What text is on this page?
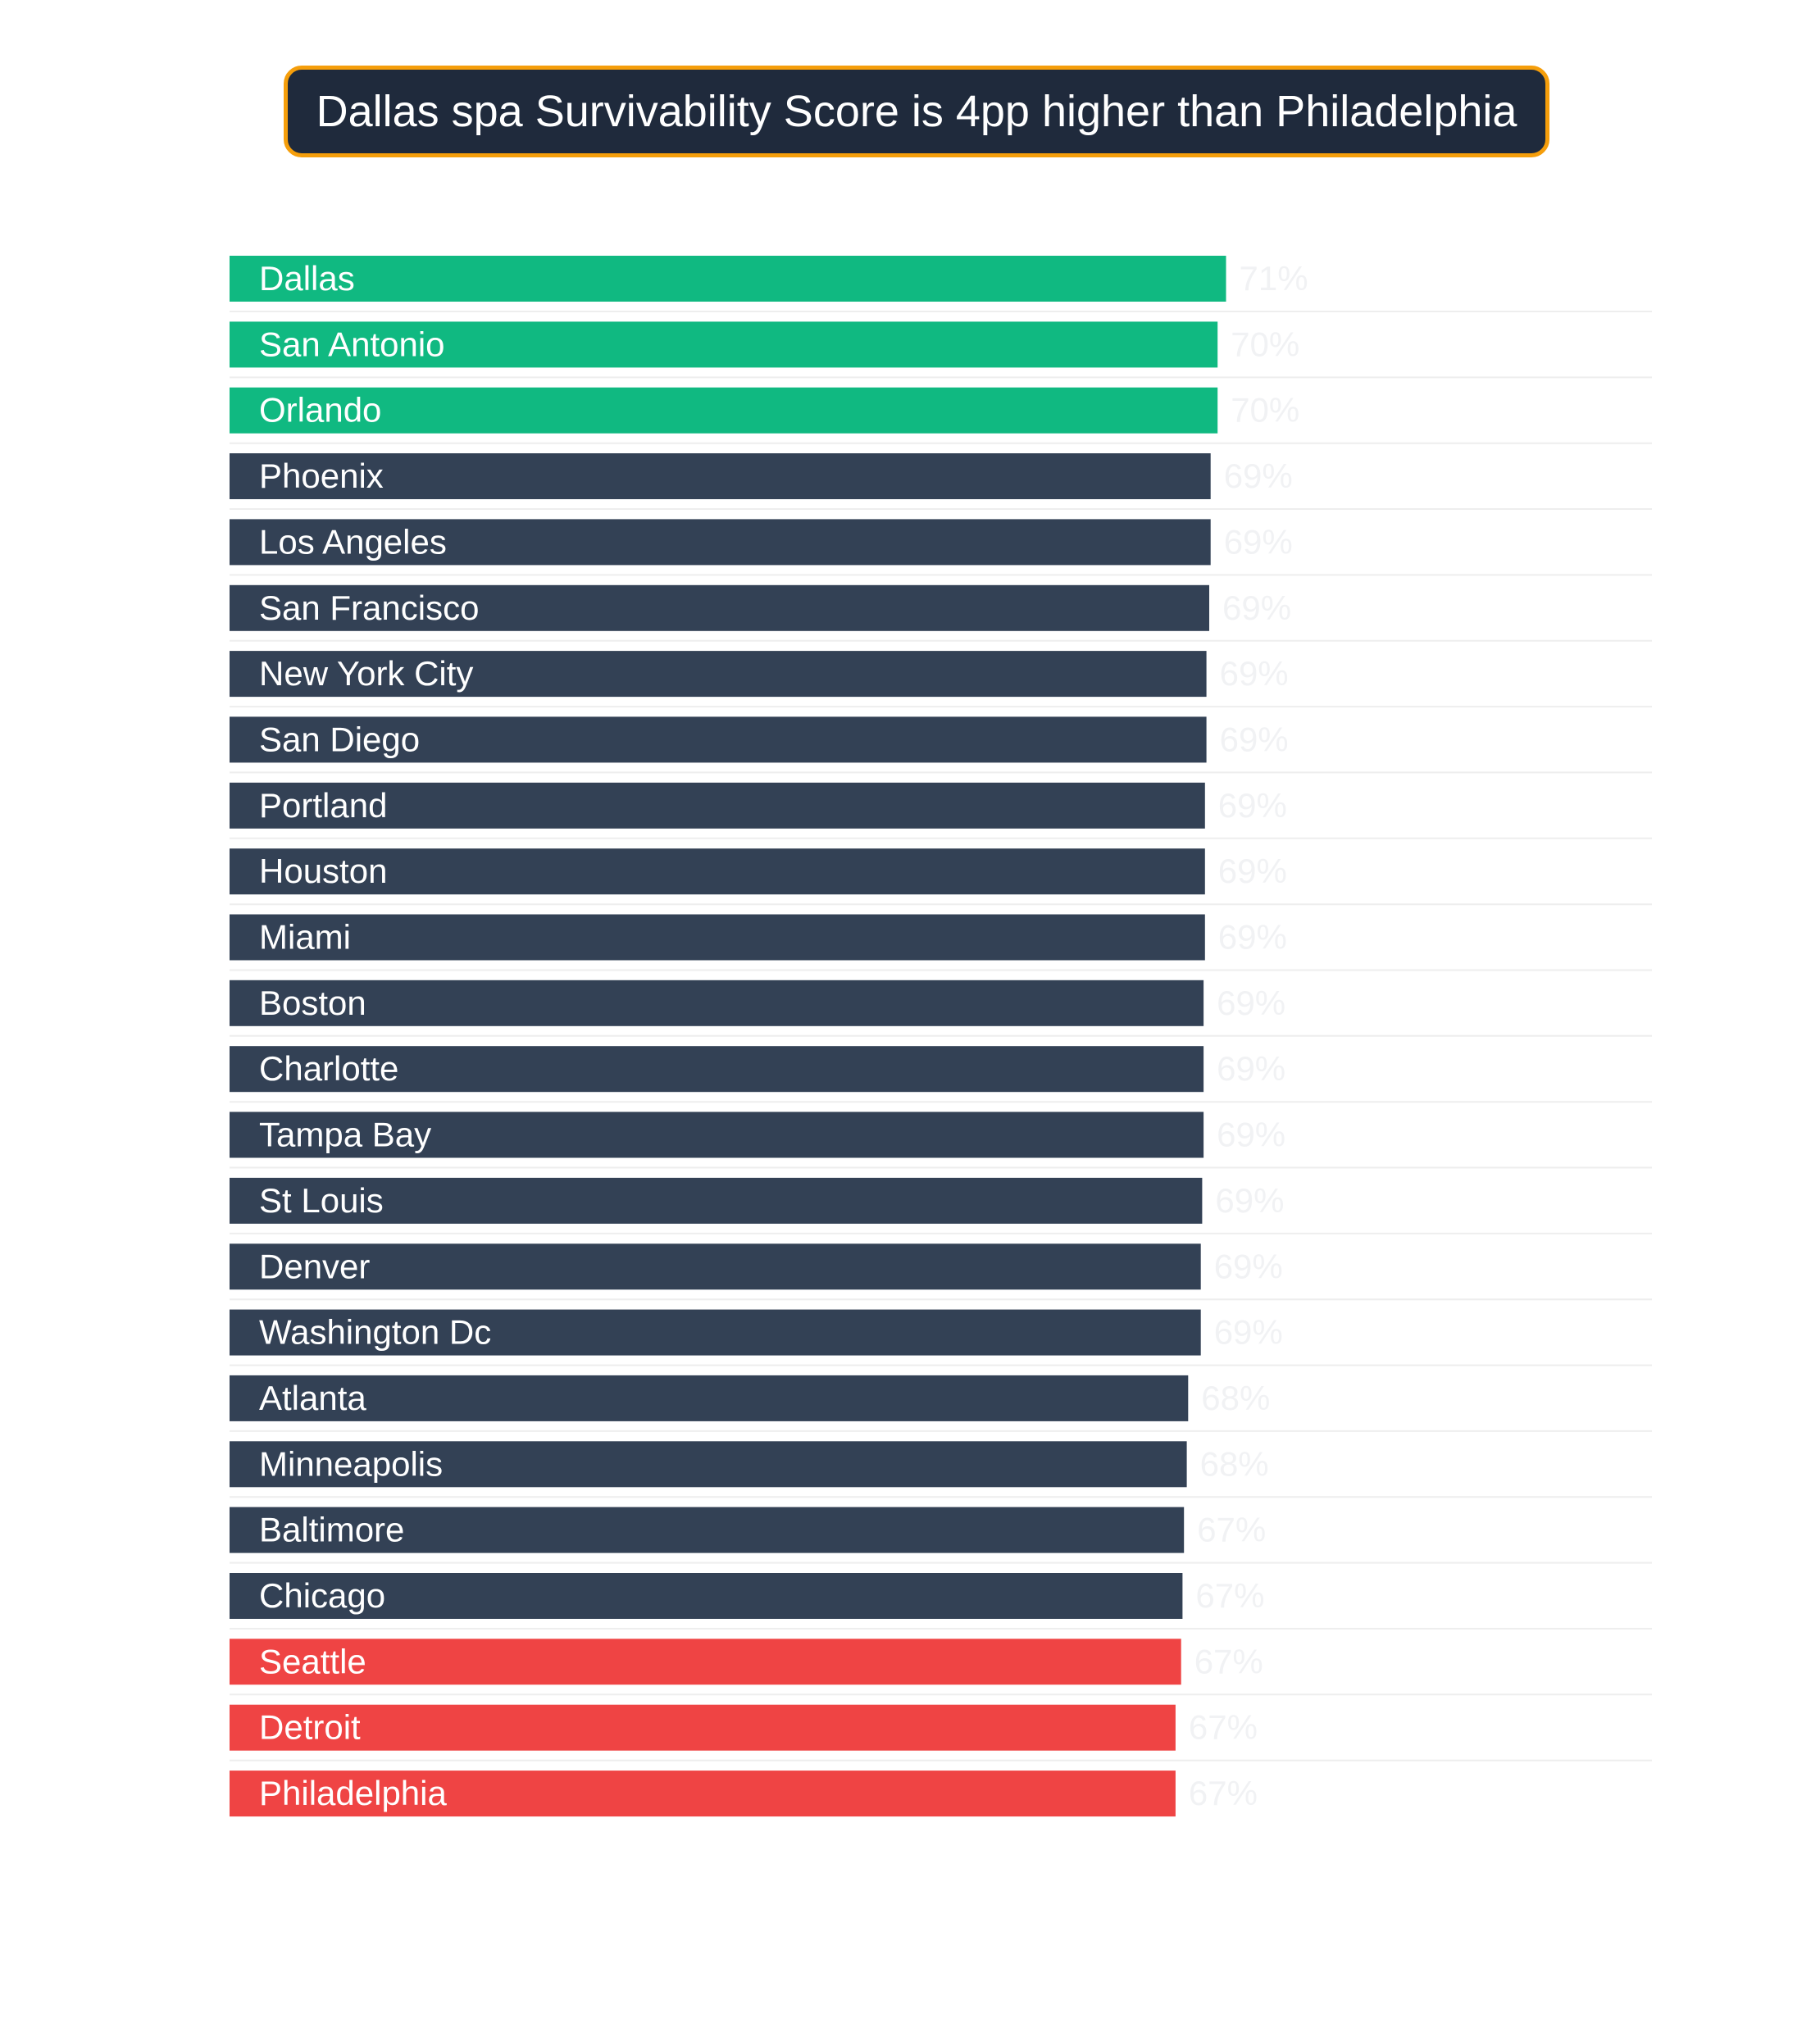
Dallas spa Survivability Score is 4pp higher than Philadelphia
Dallas	71%
San Antonio	70%
Orlando	70%
Phoenix	69%
Los Angeles	69%
San Francisco	69%
New York City	69%
San Diego	69%
Portland	69%
Houston	69%
Miami	69%
Boston	69%
Charlotte	69%
Tampa Bay	69%
St Louis	69%
Denver	69%
Washington Dc	69%
Atlanta	68%
Minneapolis	68%
Baltimore	67%
Chicago	67%
Seattle	67%
Detroit	67%
Philadelphia	67%
